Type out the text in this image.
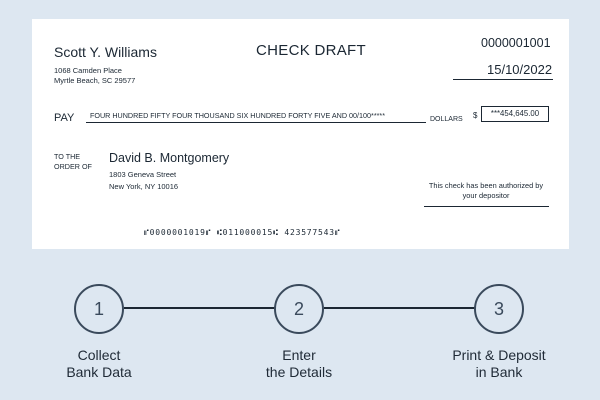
Scott Y. Williams
1068 Camden Place
Myrtle Beach, SC 29577
CHECK DRAFT	0000001001
15/10/2022
PAY FOUR HUNDRED FIFTY FOUR THOUSAND SIX HUNDRED FORTY FIVE AND 00/100*****	DOLLARS $	***454,645.00
TO THE
ORDER OF
David B. Montgomery
1803 Geneva Street
New York, NY 10016	This check has been authorized by your depositor
⑈0000001019⑈ ⑆011000015⑆ 423577543⑈
1	2	3
Collect
Bank Data
Enter
the Details
Print & Deposit
in Bank
